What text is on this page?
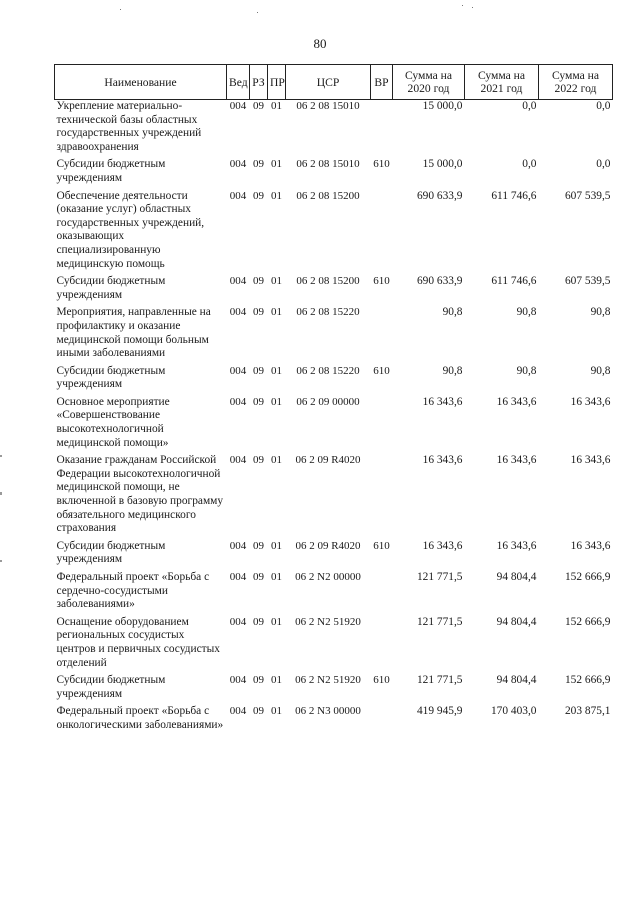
80
Наименование	Вед	РЗ	ПР	ЦСР	ВР	Сумма на 2020 год	Сумма на 2021 год	Сумма на 2022 год
Укрепление материально-технической базы областных государственных учреждений здравоохранения	004	09	01	06 2 08 15010		15 000,0	0,0	0,0
Субсидии бюджетным учреждениям	004	09	01	06 2 08 15010	610	15 000,0	0,0	0,0
Обеспечение деятельности (оказание услуг) областных государственных учреждений, оказывающих специализированную медицинскую помощь	004	09	01	06 2 08 15200		690 633,9	611 746,6	607 539,5
Субсидии бюджетным учреждениям	004	09	01	06 2 08 15200	610	690 633,9	611 746,6	607 539,5
Мероприятия, направленные на профилактику и оказание медицинской помощи больным иными заболеваниями	004	09	01	06 2 08 15220		90,8	90,8	90,8
Субсидии бюджетным учреждениям	004	09	01	06 2 08 15220	610	90,8	90,8	90,8
Основное мероприятие «Совершенствование высокотехнологичной медицинской помощи»	004	09	01	06 2 09 00000		16 343,6	16 343,6	16 343,6
Оказание гражданам Российской Федерации высокотехнологичной медицинской помощи, не включенной в базовую программу обязательного медицинского страхования	004	09	01	06 2 09 R4020		16 343,6	16 343,6	16 343,6
Субсидии бюджетным учреждениям	004	09	01	06 2 09 R4020	610	16 343,6	16 343,6	16 343,6
Федеральный проект «Борьба с сердечно-сосудистыми заболеваниями»	004	09	01	06 2 N2 00000		121 771,5	94 804,4	152 666,9
Оснащение оборудованием региональных сосудистых центров и первичных сосудистых отделений	004	09	01	06 2 N2 51920		121 771,5	94 804,4	152 666,9
Субсидии бюджетным учреждениям	004	09	01	06 2 N2 51920	610	121 771,5	94 804,4	152 666,9
Федеральный проект «Борьба с онкологическими заболеваниями»	004	09	01	06 2 N3 00000		419 945,9	170 403,0	203 875,1
